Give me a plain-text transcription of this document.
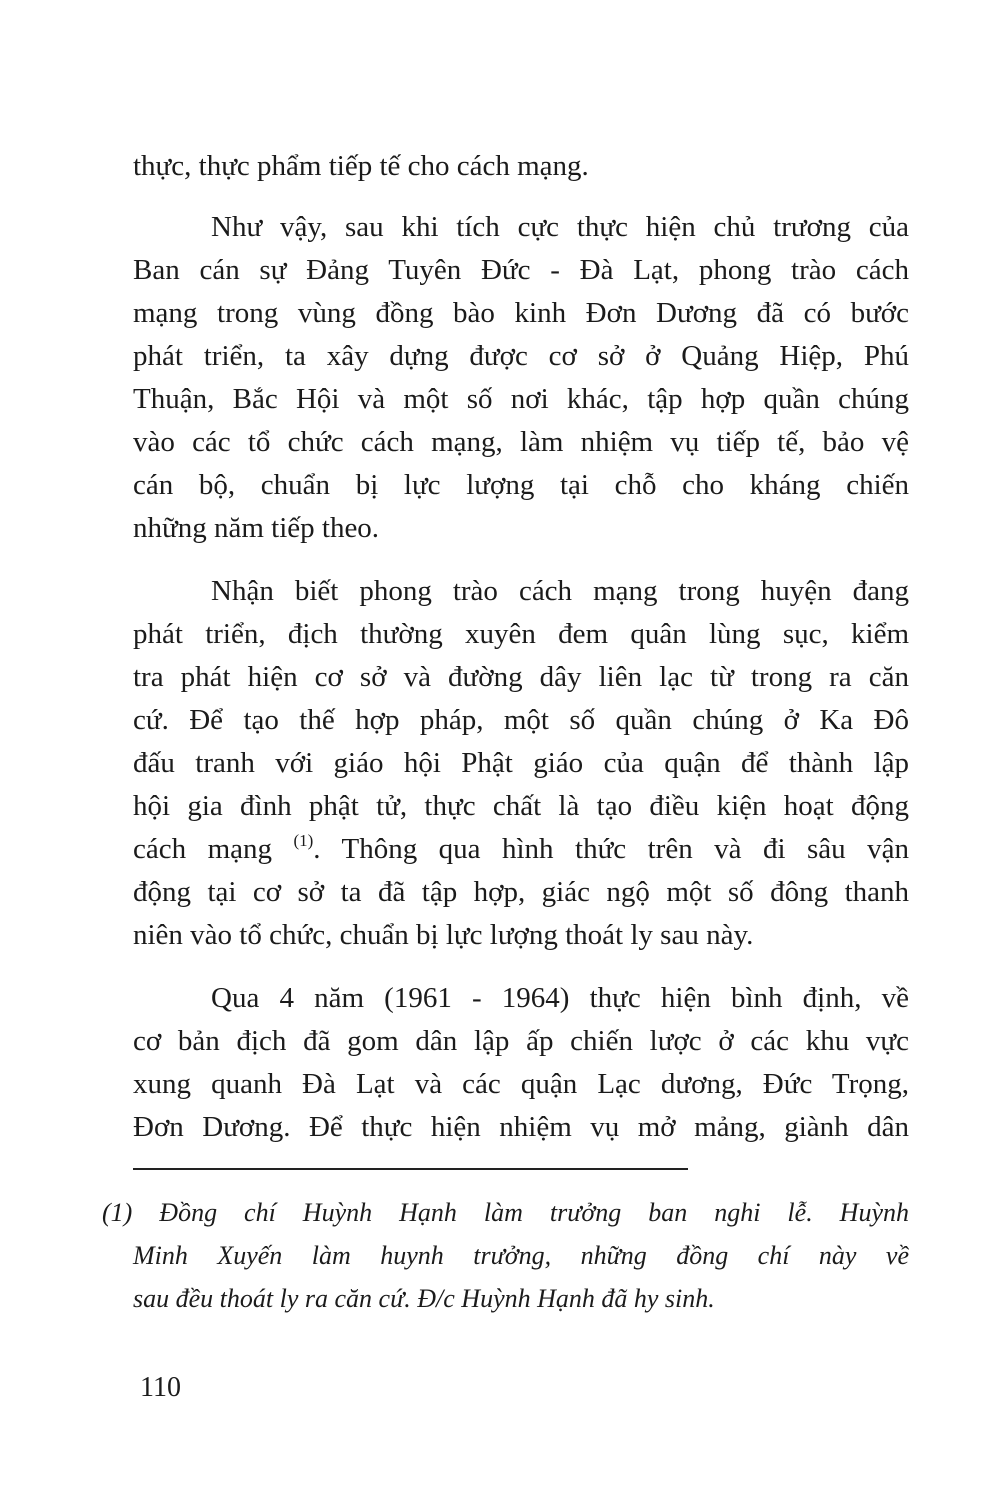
thực, thực phẩm tiếp tế cho cách mạng.
Như vậy, sau khi tích cực thực hiện chủ trương của
Ban cán sự Đảng Tuyên Đức - Đà Lạt, phong trào cách
mạng trong vùng đồng bào kinh Đơn Dương đã có bước
phát triển, ta xây dựng được cơ sở ở Quảng Hiệp, Phú
Thuận, Bắc Hội và một số nơi khác, tập hợp quần chúng
vào các tổ chức cách mạng, làm nhiệm vụ tiếp tế, bảo vệ
cán bộ, chuẩn bị lực lượng tại chỗ cho kháng chiến
những năm tiếp theo.
Nhận biết phong trào cách mạng trong huyện đang
phát triển, địch thường xuyên đem quân lùng sục, kiểm
tra phát hiện cơ sở và đường dây liên lạc từ trong ra căn
cứ. Để tạo thế hợp pháp, một số quần chúng ở Ka Đô
đấu tranh với giáo hội Phật giáo của quận để thành lập
hội gia đình phật tử, thực chất là tạo điều kiện hoạt động
cách mạng $^{(1)}$. Thông qua hình thức trên và đi sâu vận
động tại cơ sở ta đã tập hợp, giác ngộ một số đông thanh
niên vào tổ chức, chuẩn bị lực lượng thoát ly sau này.
Qua 4 năm (1961 - 1964) thực hiện bình định, về
cơ bản địch đã gom dân lập ấp chiến lược ở các khu vực
xung quanh Đà Lạt và các quận Lạc dương, Đức Trọng,
Đơn Dương. Để thực hiện nhiệm vụ mở mảng, giành dân
(1) Đồng chí Huỳnh Hạnh làm trưởng ban nghi lễ. Huỳnh
Minh Xuyến làm huynh trưởng, những đồng chí này về
sau đều thoát ly ra căn cứ. Đ/c Huỳnh Hạnh đã hy sinh.
110
